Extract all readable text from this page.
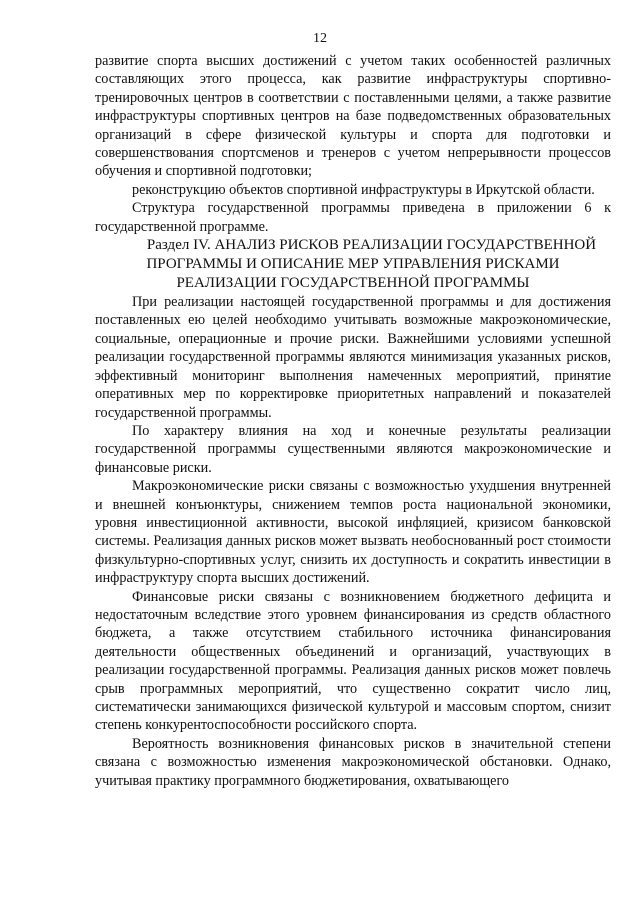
12

развитие спорта высших достижений с учетом таких особенностей различных составляющих этого процесса, как развитие инфраструктуры спортивно-тренировочных центров в соответствии с поставленными целями, а также развитие инфраструктуры спортивных центров на базе подведомственных образовательных организаций в сфере физической культуры и спорта для подготовки и совершенствования спортсменов и тренеров с учетом непрерывности процессов обучения и спортивной подготовки;

реконструкцию объектов спортивной инфраструктуры в Иркутской области.

Структура государственной программы приведена в приложении 6 к государственной программе.

Раздел IV. АНАЛИЗ РИСКОВ РЕАЛИЗАЦИИ ГОСУДАРСТВЕННОЙ ПРОГРАММЫ И ОПИСАНИЕ МЕР УПРАВЛЕНИЯ РИСКАМИ РЕАЛИЗАЦИИ ГОСУДАРСТВЕННОЙ ПРОГРАММЫ

При реализации настоящей государственной программы и для достижения поставленных ею целей необходимо учитывать возможные макроэкономические, социальные, операционные и прочие риски. Важнейшими условиями успешной реализации государственной программы являются минимизация указанных рисков, эффективный мониторинг выполнения намеченных мероприятий, принятие оперативных мер по корректировке приоритетных направлений и показателей государственной программы.

По характеру влияния на ход и конечные результаты реализации государственной программы существенными являются макроэкономические и финансовые риски.

Макроэкономические риски связаны с возможностью ухудшения внутренней и внешней конъюнктуры, снижением темпов роста национальной экономики, уровня инвестиционной активности, высокой инфляцией, кризисом банковской системы. Реализация данных рисков может вызвать необоснованный рост стоимости физкультурно-спортивных услуг, снизить их доступность и сократить инвестиции в инфраструктуру спорта высших достижений.

Финансовые риски связаны с возникновением бюджетного дефицита и недостаточным вследствие этого уровнем финансирования из средств областного бюджета, а также отсутствием стабильного источника финансирования деятельности общественных объединений и организаций, участвующих в реализации государственной программы. Реализация данных рисков может повлечь срыв программных мероприятий, что существенно сократит число лиц, систематически занимающихся физической культурой и массовым спортом, снизит степень конкурентоспособности российского спорта.

Вероятность возникновения финансовых рисков в значительной степени связана с возможностью изменения макроэкономической обстановки. Однако, учитывая практику программного бюджетирования, охватывающего
